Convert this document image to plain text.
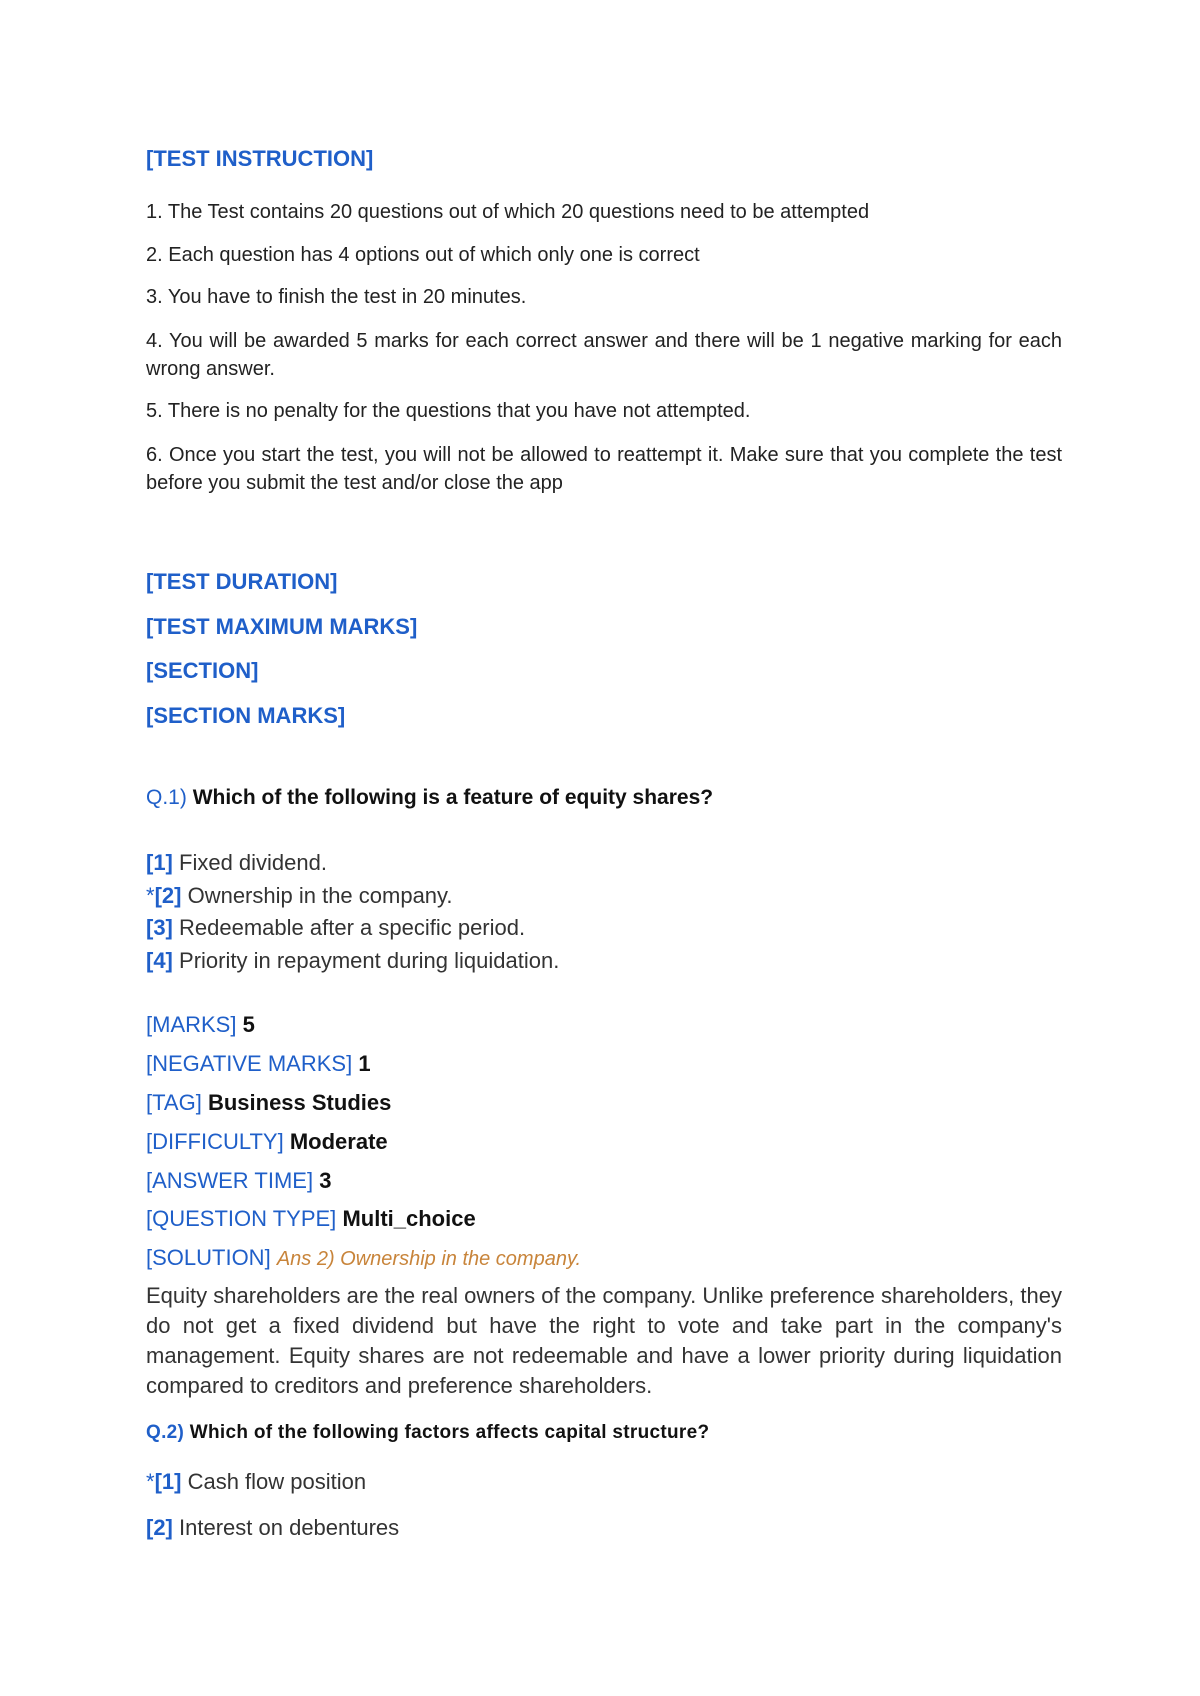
[TEST INSTRUCTION]
1. The Test contains 20 questions out of which 20 questions need to be attempted
2. Each question has 4 options out of which only one is correct
3. You have to finish the test in 20 minutes.
4. You will be awarded 5 marks for each correct answer and there will be 1 negative marking for each wrong answer.
5. There is no penalty for the questions that you have not attempted.
6. Once you start the test, you will not be allowed to reattempt it. Make sure that you complete the test before you submit the test and/or close the app
[TEST DURATION]
[TEST MAXIMUM MARKS]
[SECTION]
[SECTION MARKS]
Q.1) Which of the following is a feature of equity shares?
[1] Fixed dividend.
*[2] Ownership in the company.
[3] Redeemable after a specific period.
[4] Priority in repayment during liquidation.
[MARKS] 5
[NEGATIVE MARKS] 1
[TAG] Business Studies
[DIFFICULTY] Moderate
[ANSWER TIME] 3
[QUESTION TYPE] Multi_choice
[SOLUTION] Ans 2) Ownership in the company.
Equity shareholders are the real owners of the company. Unlike preference shareholders, they do not get a fixed dividend but have the right to vote and take part in the company's management. Equity shares are not redeemable and have a lower priority during liquidation compared to creditors and preference shareholders.
Q.2) Which of the following factors affects capital structure?
*[1] Cash flow position
[2] Interest on debentures
